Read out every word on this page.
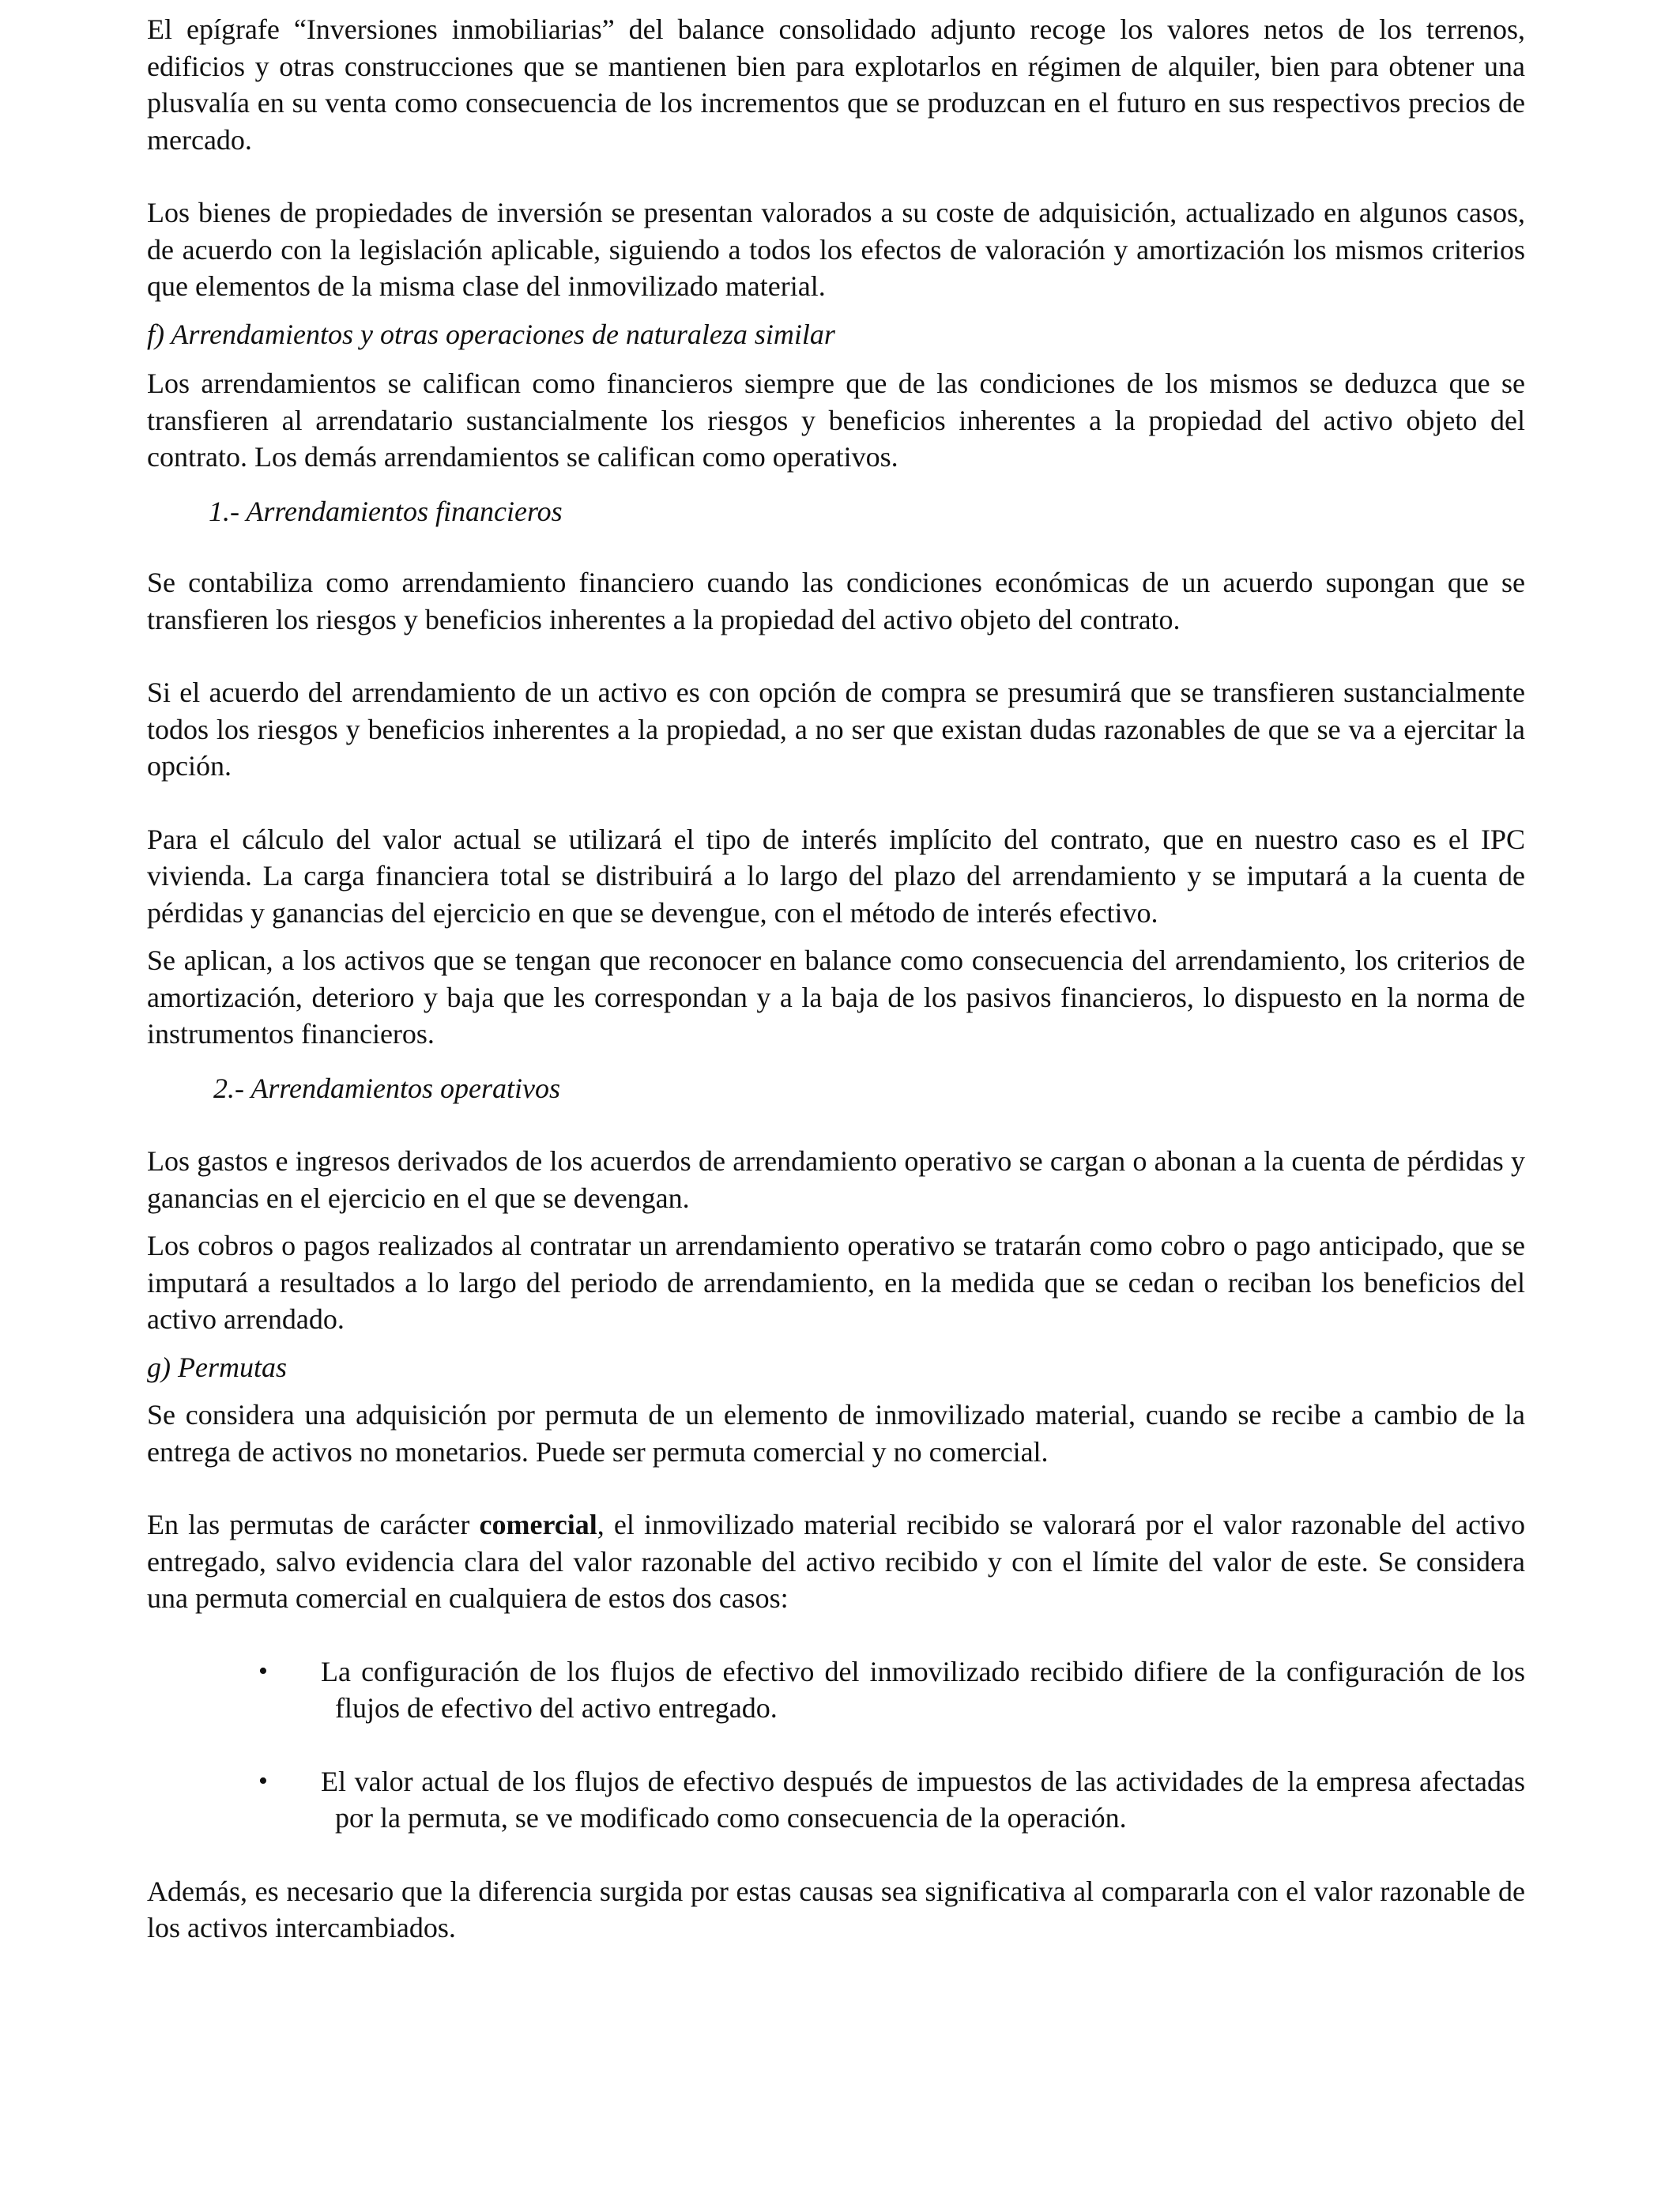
El epígrafe “Inversiones inmobiliarias” del balance consolidado adjunto recoge los valores netos de los terrenos, edificios y otras construcciones que se mantienen bien para explotarlos en régimen de alquiler, bien para obtener una plusvalía en su venta como consecuencia de los incrementos que se produzcan en el futuro en sus respectivos precios de mercado.

Los bienes de propiedades de inversión se presentan valorados a su coste de adquisición, actualizado en algunos casos, de acuerdo con la legislación aplicable, siguiendo a todos los efectos de valoración y amortización los mismos criterios que elementos de la misma clase del inmovilizado material.

f) Arrendamientos y otras operaciones de naturaleza similar

Los arrendamientos se califican como financieros siempre que de las condiciones de los mismos se deduzca que se transfieren al arrendatario sustancialmente los riesgos y beneficios inherentes a la propiedad del activo objeto del contrato. Los demás arrendamientos se califican como operativos.

1.- Arrendamientos financieros

Se contabiliza como arrendamiento financiero cuando las condiciones económicas de un acuerdo supongan que se transfieren los riesgos y beneficios inherentes a la propiedad del activo objeto del contrato.

Si el acuerdo del arrendamiento de un activo es con opción de compra se presumirá que se transfieren sustancialmente todos los riesgos y beneficios inherentes a la propiedad, a no ser que existan dudas razonables de que se va a ejercitar la opción.

Para el cálculo del valor actual se utilizará el tipo de interés implícito del contrato, que en nuestro caso es el IPC vivienda. La carga financiera total se distribuirá a lo largo del plazo del arrendamiento y se imputará a la cuenta de pérdidas y ganancias del ejercicio en que se devengue, con el método de interés efectivo.

Se aplican, a los activos que se tengan que reconocer en balance como consecuencia del arrendamiento, los criterios de amortización, deterioro y baja que les correspondan y a la baja de los pasivos financieros, lo dispuesto en la norma de instrumentos financieros.

2.- Arrendamientos operativos

Los gastos e ingresos derivados de los acuerdos de arrendamiento operativo se cargan o abonan a la cuenta de pérdidas y ganancias en el ejercicio en el que se devengan.

Los cobros o pagos realizados al contratar un arrendamiento operativo se tratarán como cobro o pago anticipado, que se imputará a resultados a lo largo del periodo de arrendamiento, en la medida que se cedan o reciban los beneficios del activo arrendado.

g) Permutas

Se considera una adquisición por permuta de un elemento de inmovilizado material, cuando se recibe a cambio de la entrega de activos no monetarios. Puede ser permuta comercial y no comercial.

En las permutas de carácter comercial, el inmovilizado material recibido se valorará por el valor razonable del activo entregado, salvo evidencia clara del valor razonable del activo recibido y con el límite del valor de este. Se considera una permuta comercial en cualquiera de estos dos casos:

• La configuración de los flujos de efectivo del inmovilizado recibido difiere de la configuración de los flujos de efectivo del activo entregado.
• El valor actual de los flujos de efectivo después de impuestos de las actividades de la empresa afectadas por la permuta, se ve modificado como consecuencia de la operación.

Además, es necesario que la diferencia surgida por estas causas sea significativa al compararla con el valor razonable de los activos intercambiados.
